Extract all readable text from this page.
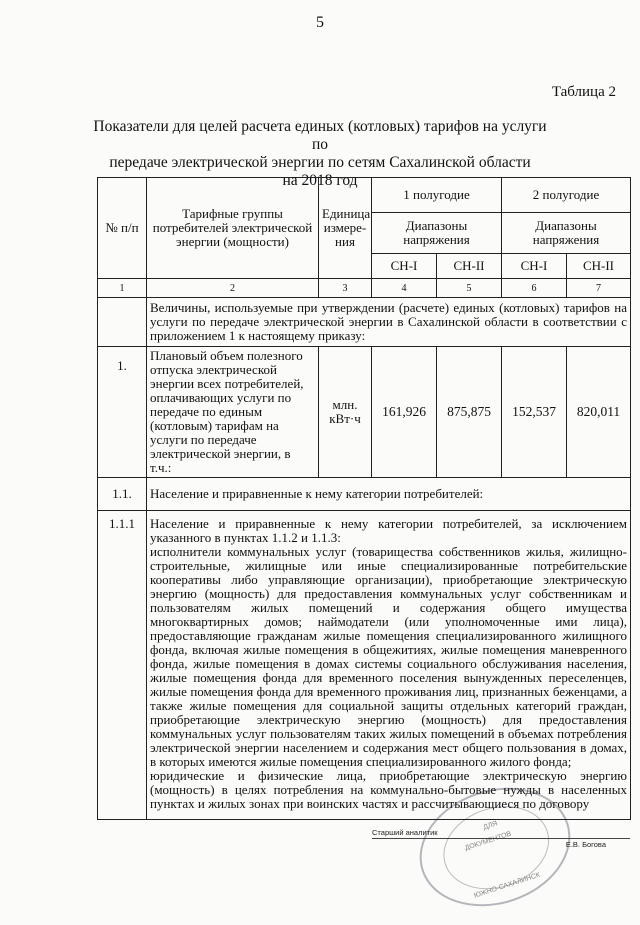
5
Таблица 2
Показатели для целей расчета единых (котловых) тарифов на услуги по
передаче электрической энергии по сетям Сахалинской области
на 2018 год
№ п/п	Тарифные группы потребителей электрической энергии (мощности)	Единица измере-ния	1 полугодие		2 полугодие	
			Диапазоны напряжения		Диапазоны напряжения	
			СН-I	СН-II	СН-I	СН-II
1	2	3	4	5	6	7
	Величины, используемые при утверждении (расчете) единых (котловых) тарифов на услуги по передаче электрической энергии в Сахалинской области в соответствии с приложением 1 к настоящему приказу:					
1.	Плановый объем полезного отпуска электрической энергии всех потребителей, оплачивающих услуги по передаче по единым (котловым) тарифам на услуги по передаче электрической энергии, в т.ч.:	млн. кВт·ч	161,926	875,875	152,537	820,011
1.1.	Население и приравненные к нему категории потребителей:					
1.1.1	Население и приравненные к нему категории потребителей, за исключением указанного в пунктах 1.1.2 и 1.1.3:

исполнители коммунальных услуг (товарищества собственников жилья, жилищно-строительные, жилищные или иные специализированные потребительские кооперативы либо управляющие организации), приобретающие электрическую энергию (мощность) для предоставления коммунальных услуг собственникам и пользователям жилых помещений и содержания общего имущества многоквартирных домов; наймодатели (или уполномоченные ими лица), предоставляющие гражданам жилые помещения специализированного жилищного фонда, включая жилые помещения в общежитиях, жилые помещения маневренного фонда, жилые помещения в домах системы социального обслуживания населения, жилые помещения фонда для временного поселения вынужденных переселенцев, жилые помещения фонда для временного проживания лиц, признанных беженцами, а также жилые помещения для социальной защиты отдельных категорий граждан, приобретающие электрическую энергию (мощность) для предоставления коммунальных услуг пользователям таких жилых помещений в объемах потребления электрической энергии населением и содержания мест общего пользования в домах, в которых имеются жилые помещения специализированного жилого фонда;

юридические и физические лица, приобретающие электрическую энергию (мощность) в целях потребления на коммунально-бытовые нужды в населенных пунктах и жилых зонах при воинских частях и рассчитывающиеся по договору					

ДЛЯ
ДОКУМЕНТОВ
ЮЖНО-САХАЛИНСК
Старший аналитик
Е.В. Богова
